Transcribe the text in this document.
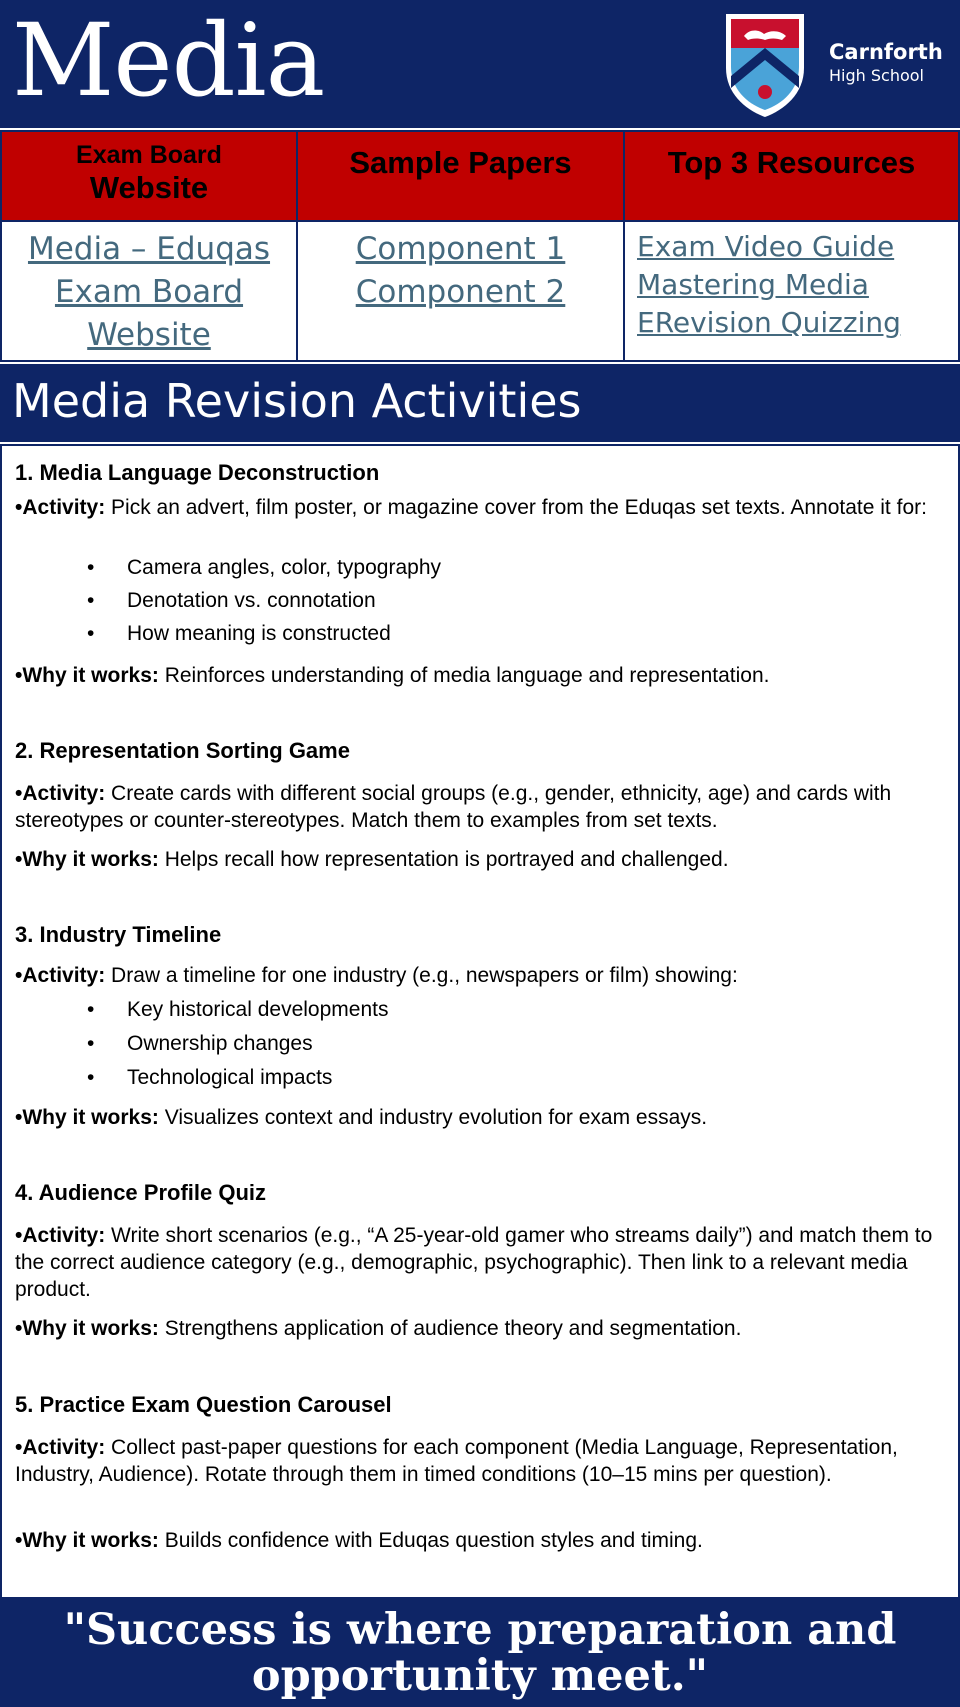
Media	Carnforth
High School
Exam Board
Website
Media – Eduqas
Exam Board
Website
Sample Papers
Component 1
Component 2
Top 3 Resources
Exam Video Guide
Mastering Media
ERevision Quizzing
Media Revision Activities
1. Media Language Deconstruction
•Activity: Pick an advert, film poster, or magazine cover from the Eduqas set texts. Annotate it for:
• Camera angles, color, typography
• Denotation vs. connotation
• How meaning is constructed
•Why it works: Reinforces understanding of media language and representation.
2. Representation Sorting Game
•Activity: Create cards with different social groups (e.g., gender, ethnicity, age) and cards with stereotypes or counter-stereotypes. Match them to examples from set texts.
•Why it works: Helps recall how representation is portrayed and challenged.
3. Industry Timeline
•Activity: Draw a timeline for one industry (e.g., newspapers or film) showing:
• Key historical developments
• Ownership changes
• Technological impacts
•Why it works: Visualizes context and industry evolution for exam essays.
4. Audience Profile Quiz
•Activity: Write short scenarios (e.g., “A 25-year-old gamer who streams daily”) and match them to the correct audience category (e.g., demographic, psychographic). Then link to a relevant media product.
•Why it works: Strengthens application of audience theory and segmentation.
5. Practice Exam Question Carousel
•Activity: Collect past-paper questions for each component (Media Language, Representation, Industry, Audience). Rotate through them in timed conditions (10–15 mins per question).
•Why it works: Builds confidence with Eduqas question styles and timing.
"Success is where preparation and opportunity meet."
